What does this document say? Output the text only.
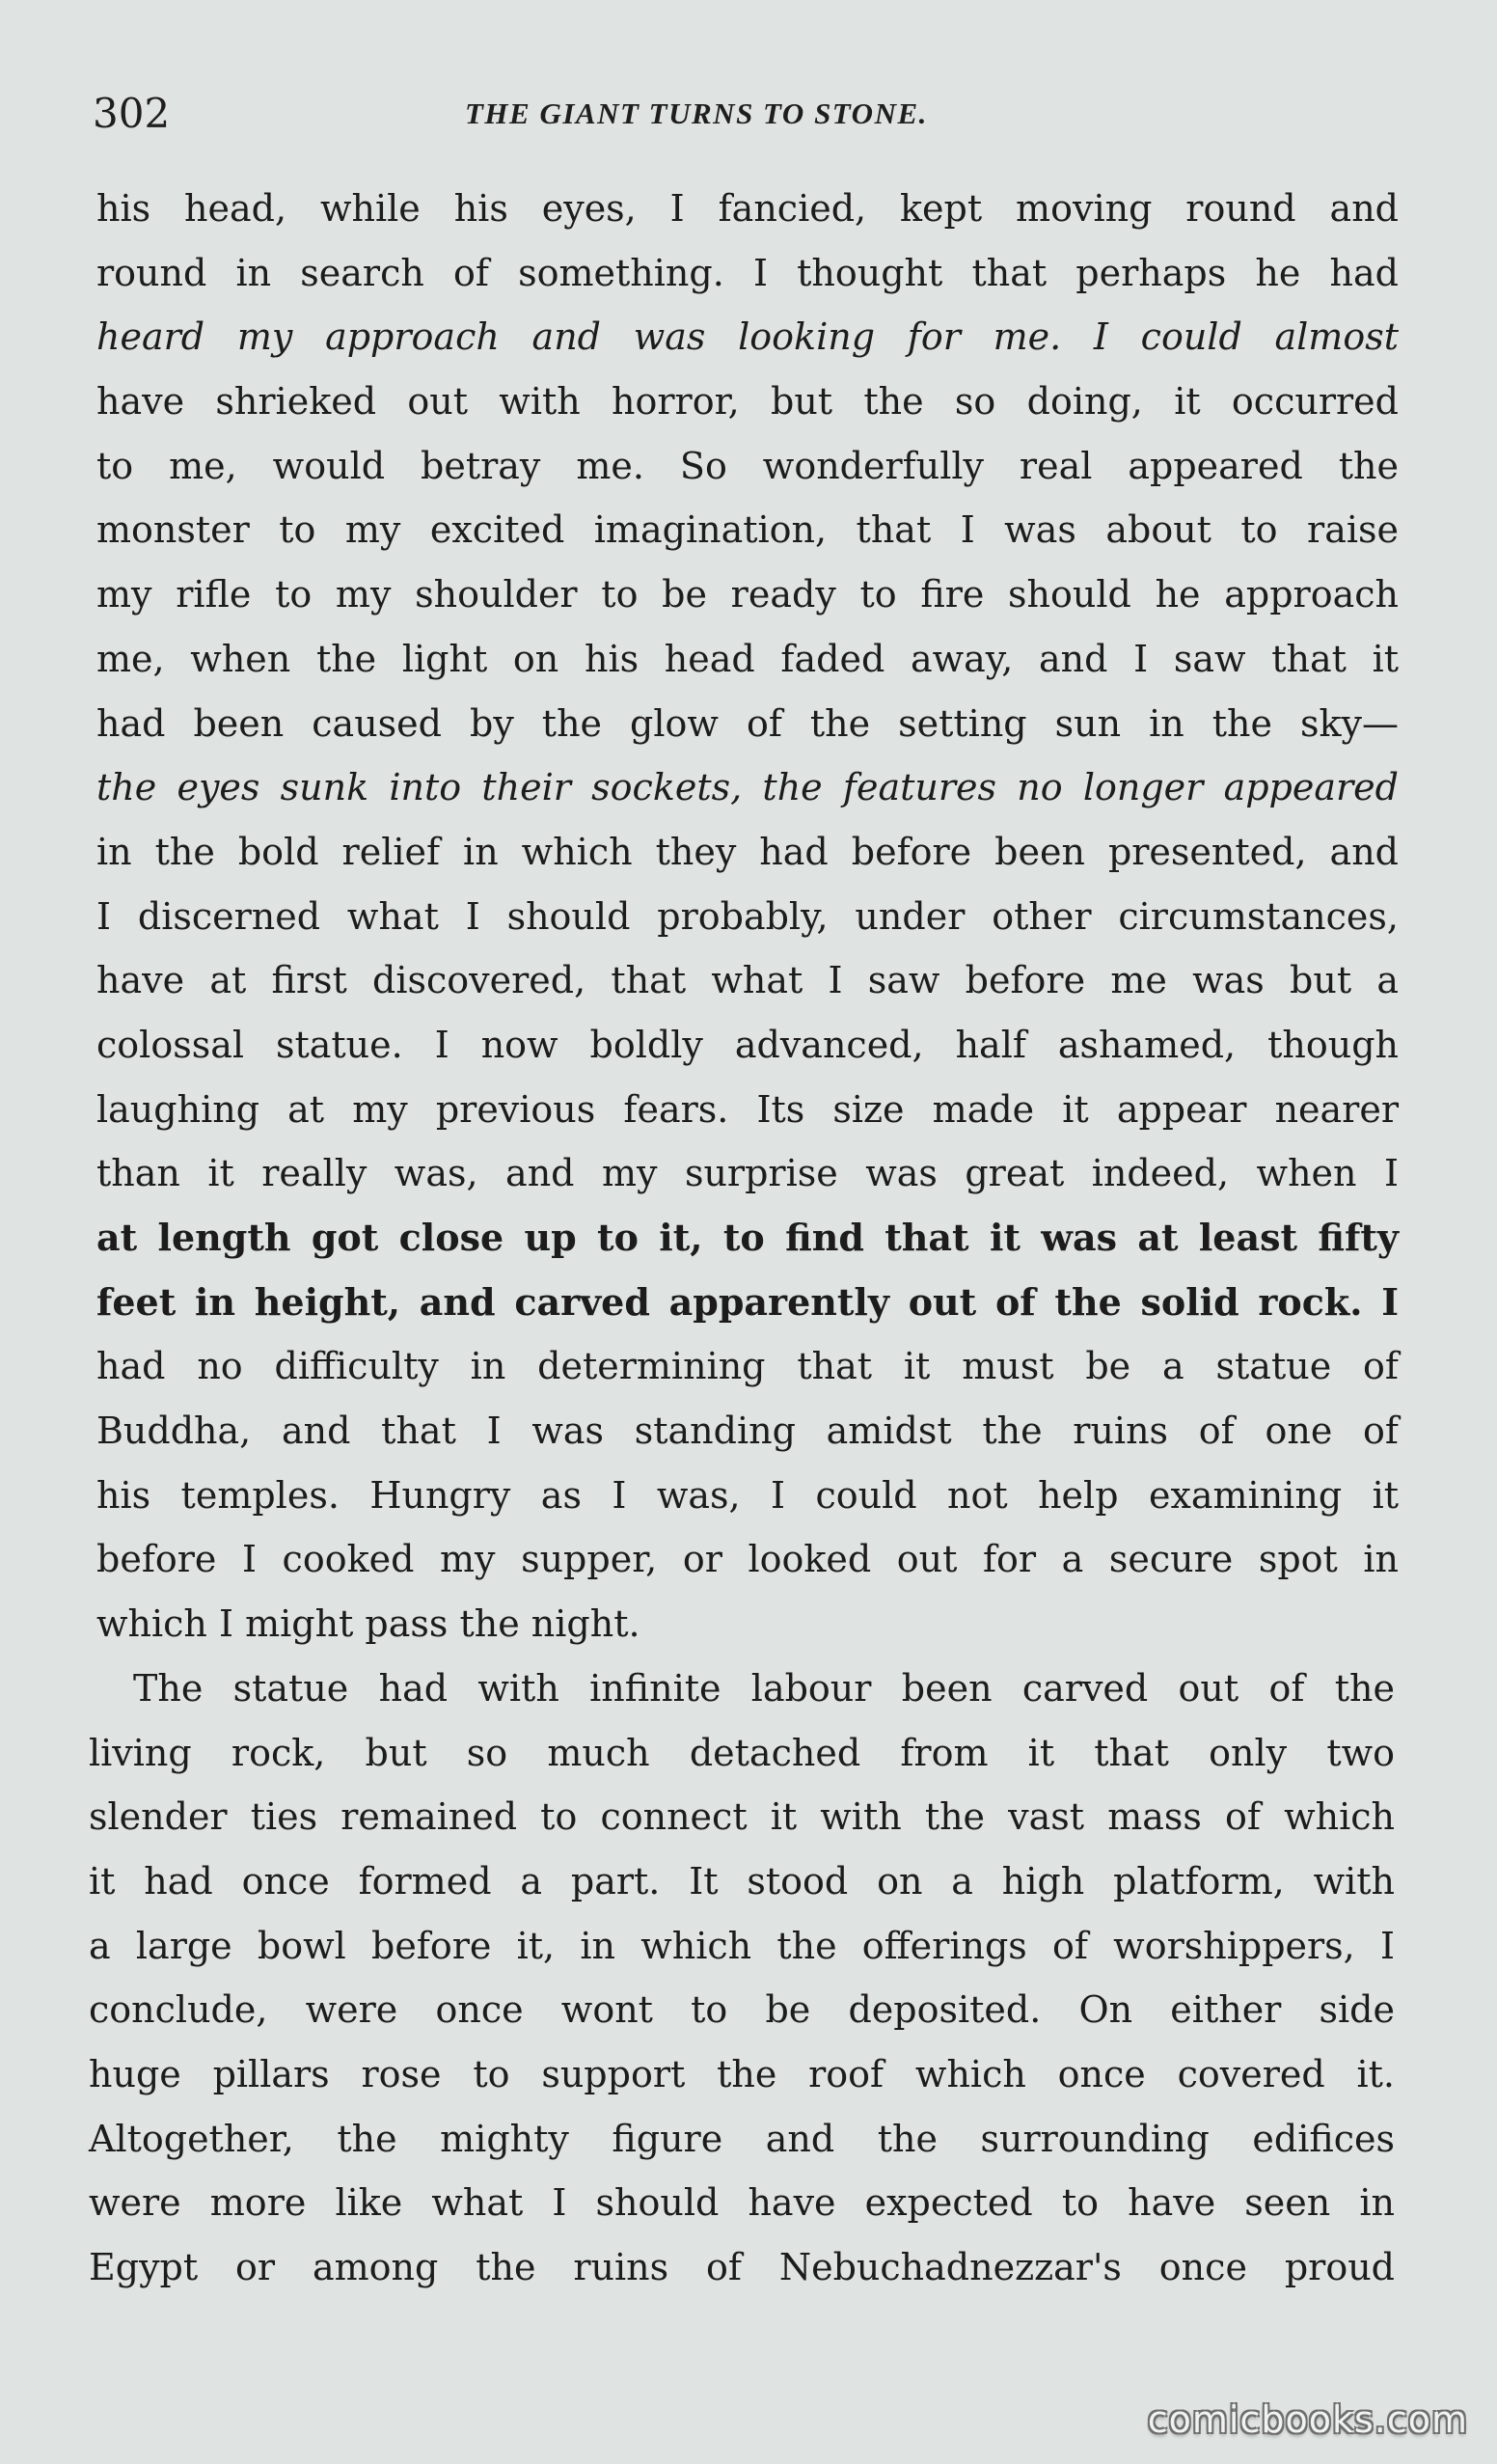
302	THE GIANT TURNS TO STONE.
his head, while his eyes, I fancied, kept moving round and
round in search of something. I thought that perhaps he had
heard my approach and was looking for me. I could almost
have shrieked out with horror, but the so doing, it occurred
to me, would betray me. So wonderfully real appeared the
monster to my excited imagination, that I was about to raise
my rifle to my shoulder to be ready to fire should he approach
me, when the light on his head faded away, and I saw that it
had been caused by the glow of the setting sun in the sky—
the eyes sunk into their sockets, the features no longer appeared
in the bold relief in which they had before been presented, and
I discerned what I should probably, under other circumstances,
have at first discovered, that what I saw before me was but a
colossal statue. I now boldly advanced, half ashamed, though
laughing at my previous fears. Its size made it appear nearer
than it really was, and my surprise was great indeed, when I
at length got close up to it, to find that it was at least fifty
feet in height, and carved apparently out of the solid rock. I
had no difficulty in determining that it must be a statue of
Buddha, and that I was standing amidst the ruins of one of
his temples. Hungry as I was, I could not help examining it
before I cooked my supper, or looked out for a secure spot in
which I might pass the night.
The statue had with infinite labour been carved out of the
living rock, but so much detached from it that only two
slender ties remained to connect it with the vast mass of which
it had once formed a part. It stood on a high platform, with
a large bowl before it, in which the offerings of worshippers, I
conclude, were once wont to be deposited. On either side
huge pillars rose to support the roof which once covered it.
Altogether, the mighty figure and the surrounding edifices
were more like what I should have expected to have seen in
Egypt or among the ruins of Nebuchadnezzar's once proud
comicbooks.com
